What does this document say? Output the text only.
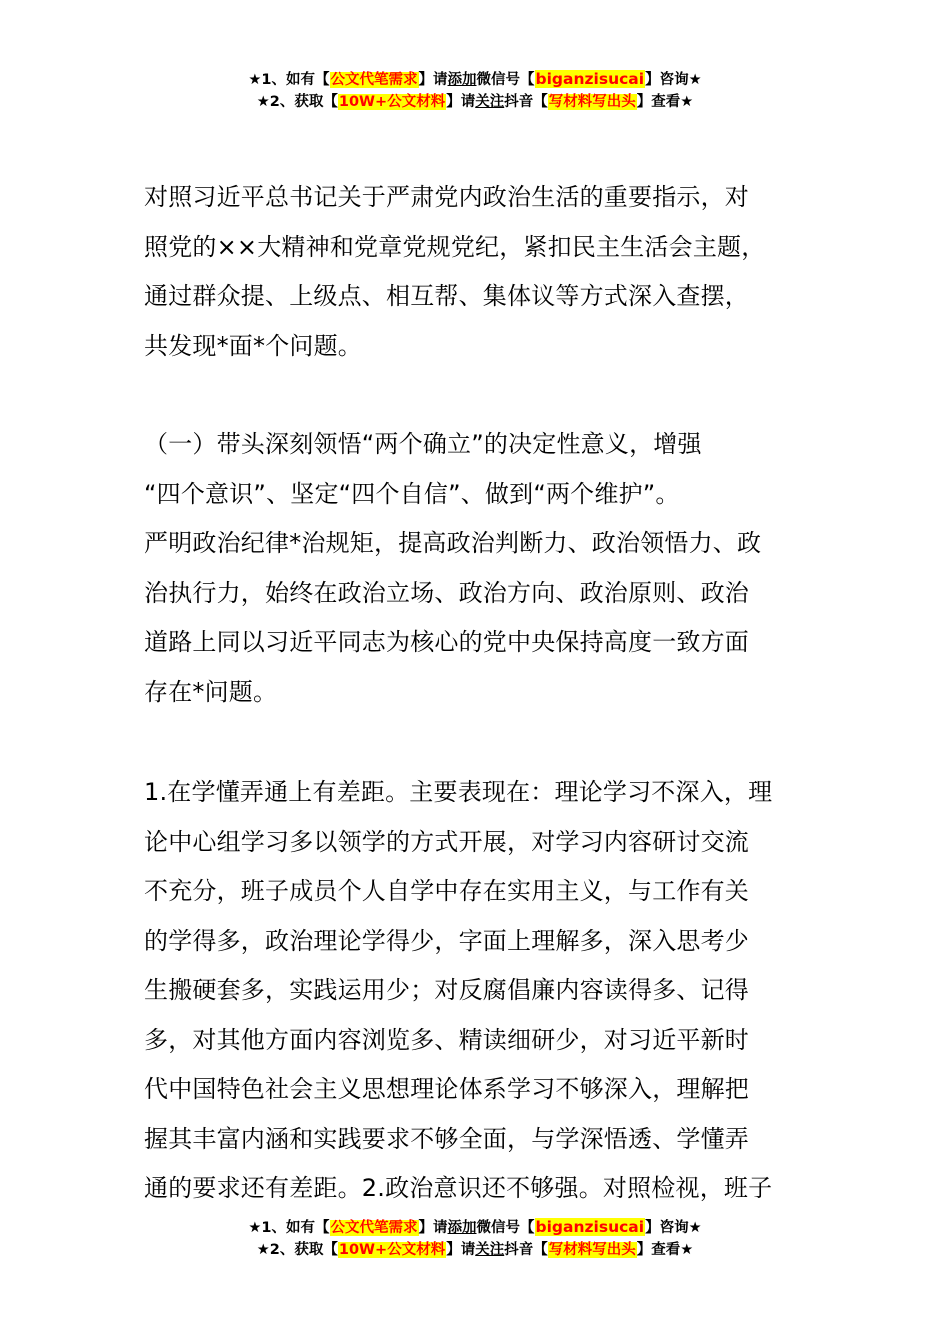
★1、如有【公文代笔需求】请添加微信号【biganzisucai】咨询★
★2、获取【10W+公文材料】请关注抖音【写材料写出头】查看★
对照习近平总书记关于严肃党内政治生活的重要指示，对
照党的××大精神和党章党规党纪，紧扣民主生活会主题，
通过群众提、上级点、相互帮、集体议等方式深入查摆，
共发现*面*个问题。
（一）带头深刻领悟“两个确立”的决定性意义，增强
“四个意识”、坚定“四个自信”、做到“两个维护”。
严明政治纪律*治规矩，提高政治判断力、政治领悟力、政
治执行力，始终在政治立场、政治方向、政治原则、政治
道路上同以习近平同志为核心的党中央保持高度一致方面
存在*问题。
1.在学懂弄通上有差距。主要表现在：理论学习不深入，理
论中心组学习多以领学的方式开展，对学习内容研讨交流
不充分，班子成员个人自学中存在实用主义，与工作有关
的学得多，政治理论学得少，字面上理解多，深入思考少
生搬硬套多，实践运用少；对反腐倡廉内容读得多、记得
多，对其他方面内容浏览多、精读细研少，对习近平新时
代中国特色社会主义思想理论体系学习不够深入，理解把
握其丰富内涵和实践要求不够全面，与学深悟透、学懂弄
通的要求还有差距。2.政治意识还不够强。对照检视，班子
★1、如有【公文代笔需求】请添加微信号【biganzisucai】咨询★
★2、获取【10W+公文材料】请关注抖音【写材料写出头】查看★
